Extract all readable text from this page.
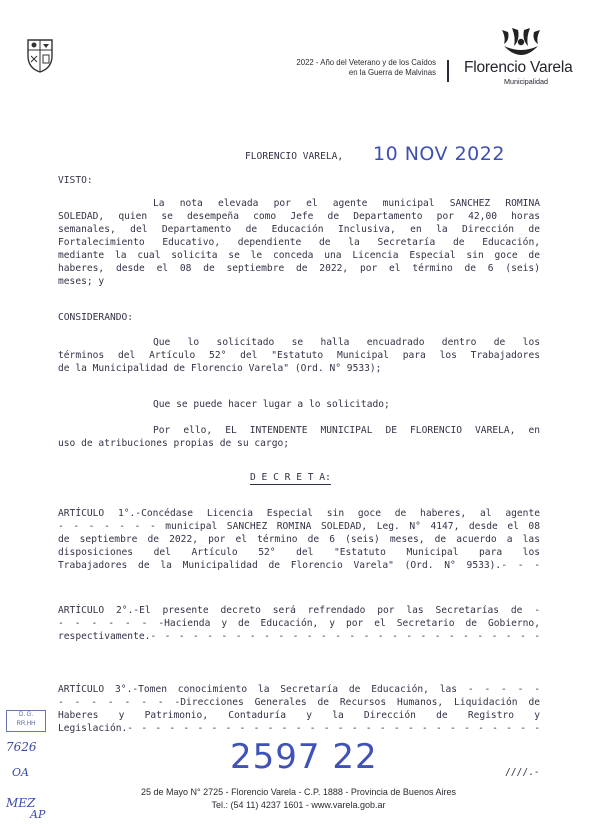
2022 - Año del Veterano y de los Caídos
en la Guerra de Malvinas Florencio Varela
Municipalidad
FLORENCIO VARELA, 10 NOV 2022
VISTO:
La nota elevada por el agente municipal SANCHEZ ROMINA
SOLEDAD, quien se desempeña como Jefe de Departamento por 42,00 horas
semanales, del Departamento de Educación Inclusiva, en la Dirección de
Fortalecimiento Educativo, dependiente de la Secretaría de Educación,
mediante la cual solicita se le conceda una Licencia Especial sin goce de
haberes, desde el 08 de septiembre de 2022, por el término de 6 (seis)
meses; y
CONSIDERANDO:
Que lo solicitado se halla encuadrado dentro de los
términos del Artículo 52° del "Estatuto Municipal para los Trabajadores
de la Municipalidad de Florencio Varela" (Ord. N° 9533);
Que se puede hacer lugar a lo solicitado;
Por ello, EL INTENDENTE MUNICIPAL DE FLORENCIO VARELA, en
uso de atribuciones propias de su cargo;
D E C R E T A:
ARTÍCULO 1°.-Concédase Licencia Especial sin goce de haberes, al agente
- - - - - - - municipal SANCHEZ ROMINA SOLEDAD, Leg. N° 4147, desde el 08
de septiembre de 2022, por el término de 6 (seis) meses, de acuerdo a las
disposiciones del Artículo 52° del "Estatuto Municipal para los
Trabajadores de la Municipalidad de Florencio Varela" (Ord. N° 9533).- - -
ARTÍCULO 2°.-El presente decreto será refrendado por las Secretarías de -
- - - - - - -Hacienda y de Educación, y por el Secretario de Gobierno,
respectivamente.- - - - - - - - - - - - - - - - - - - - - - - - - - - -
ARTÍCULO 3°.-Tomen conocimiento la Secretaría de Educación, las - - - - -
- - - - - - - -Direcciones Generales de Recursos Humanos, Liquidación de
Haberes y Patrimonio, Contaduría y la Dirección de Registro y
Legislación.- - - - - - - - - - - - - - - - - - - - - - - - - - - - - -
2597 22	////.-
D. G.
RR.HH
7626
OA
MEZ
AP
25 de Mayo N° 2725 - Florencio Varela - C.P. 1888 - Provincia de Buenos Aires
Tel.: (54 11) 4237 1601 - www.varela.gob.ar
